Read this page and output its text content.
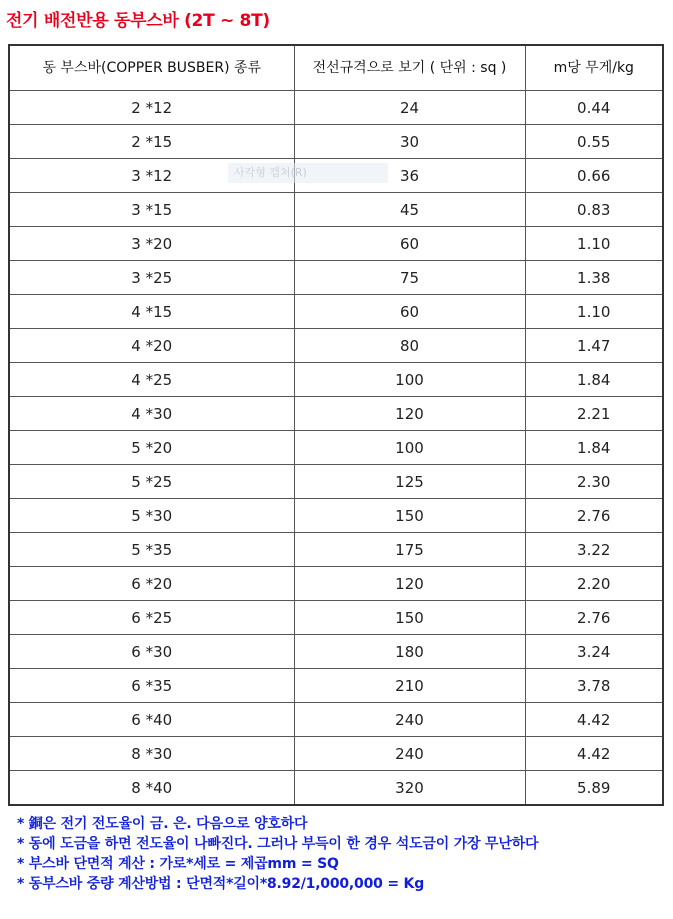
전기 배전반용 동부스바 (2T ~ 8T)
동 부스바(COPPER BUSBER) 종류	전선규격으로 보기 ( 단위 : sq )	m당 무게/kg
2 *12	24	0.44
2 *15	30	0.55
3 *12	36	0.66
3 *15	45	0.83
3 *20	60	1.10
3 *25	75	1.38
4 *15	60	1.10
4 *20	80	1.47
4 *25	100	1.84
4 *30	120	2.21
5 *20	100	1.84
5 *25	125	2.30
5 *30	150	2.76
5 *35	175	3.22
6 *20	120	2.20
6 *25	150	2.76
6 *30	180	3.24
6 *35	210	3.78
6 *40	240	4.42
8 *30	240	4.42
8 *40	320	5.89
사각형 캡처(R)
* 銅은 전기 전도율이 금. 은. 다음으로 양호하다
* 동에 도금을 하면 전도율이 나빠진다. 그러나 부득이 한 경우 석도금이 가장 무난하다
* 부스바 단면적 계산 : 가로*세로 = 제곱mm = SQ
* 동부스바 중량 계산방법 : 단면적*길이*8.92/1,000,000 = Kg
